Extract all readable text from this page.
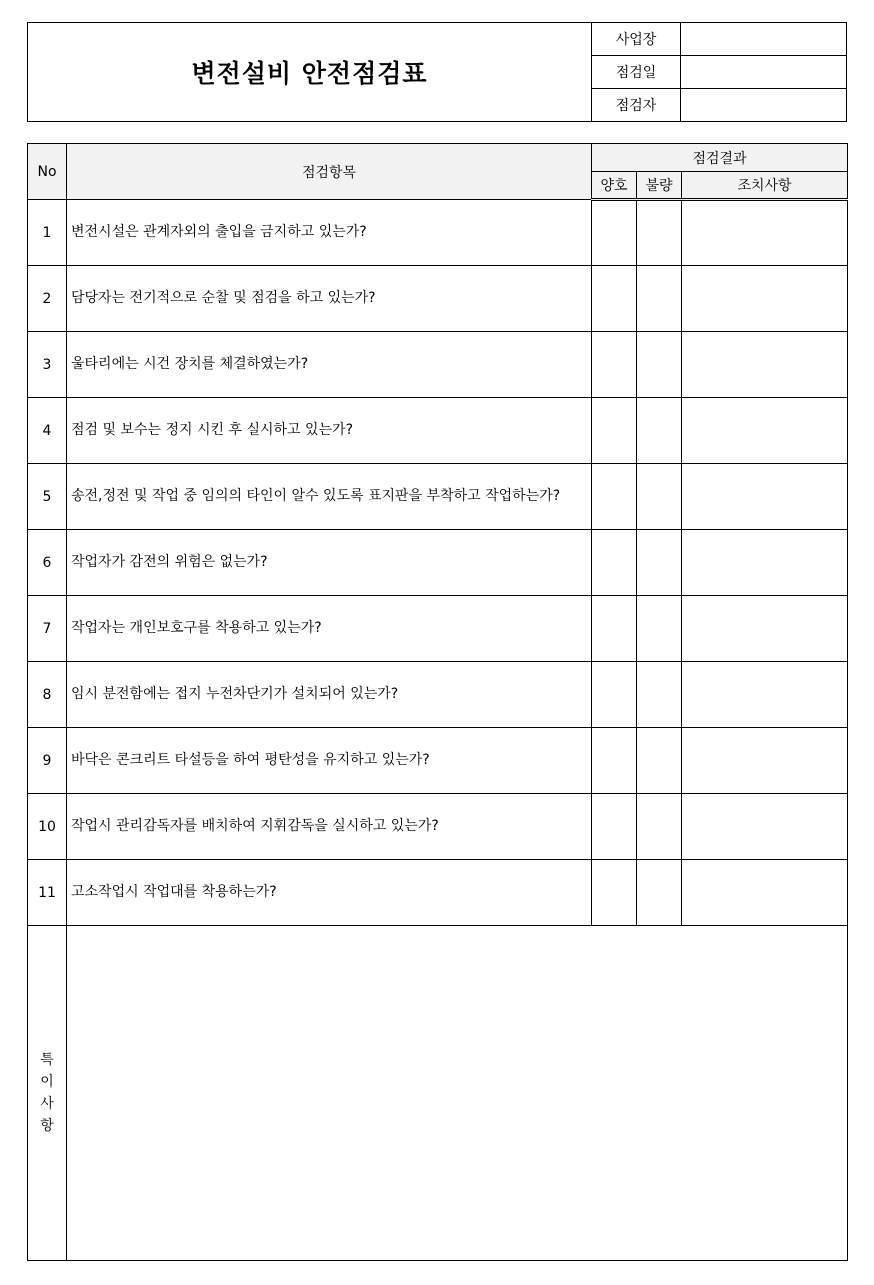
변전설비 안전점검표
사업장
점검일
점검자
No	점검항목	점검결과		
		양호	불량	조치사항
1	변전시설은 관계자외의 출입을 금지하고 있는가?			
2	담당자는 전기적으로 순찰 및 점검을 하고 있는가?			
3	울타리에는 시건 장치를 체결하였는가?			
4	점검 및 보수는 정지 시킨 후 실시하고 있는가?			
5	송전,정전 및 작업 중 임의의 타인이 알수 있도록 표지판을 부착하고 작업하는가?			
6	작업자가 감전의 위험은 없는가?			
7	작업자는 개인보호구를 착용하고 있는가?			
8	임시 분전함에는 접지 누전차단기가 설치되어 있는가?			
9	바닥은 콘크리트 타설등을 하여 평탄성을 유지하고 있는가?			
10	작업시 관리감독자를 배치하여 지휘감독을 실시하고 있는가?			
11	고소작업시 작업대를 착용하는가?			

특
이
사
항				
